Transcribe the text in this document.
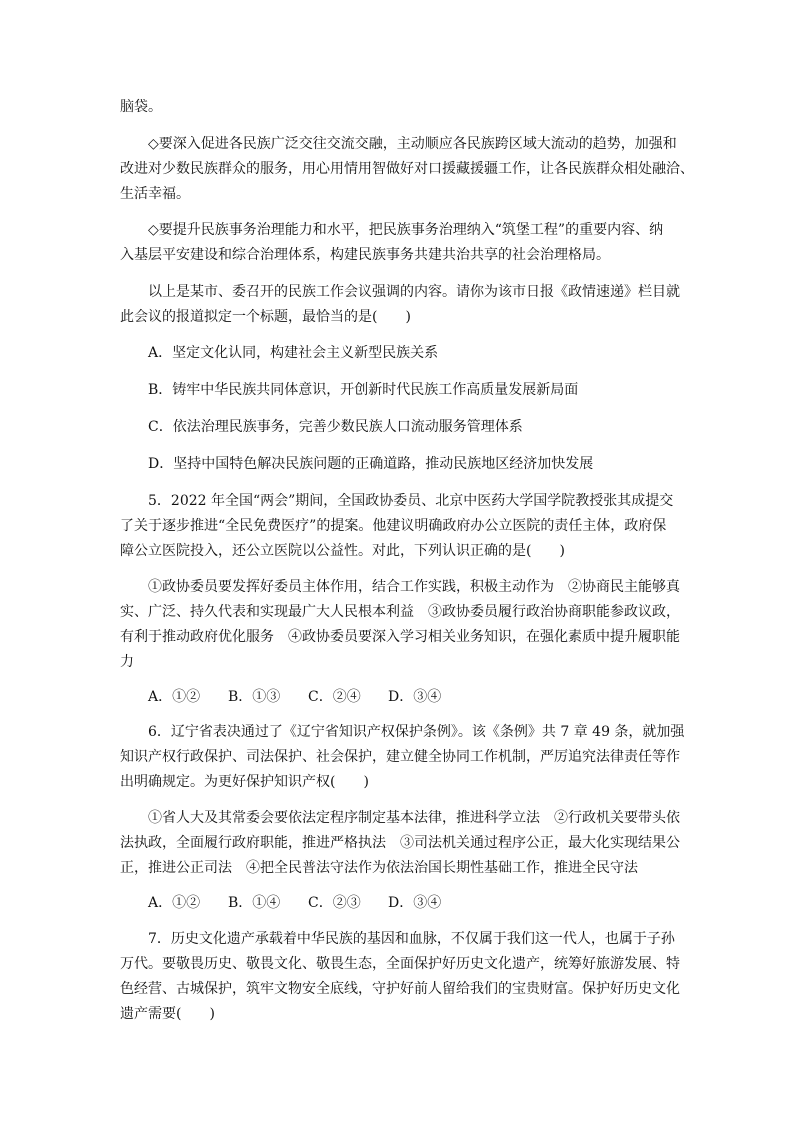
脑袋。
◇要深入促进各民族广泛交往交流交融，主动顺应各民族跨区域大流动的趋势，加强和
改进对少数民族群众的服务，用心用情用智做好对口援藏援疆工作，让各民族群众相处融洽、
生活幸福。
◇要提升民族事务治理能力和水平，把民族事务治理纳入“筑堡工程”的重要内容、纳
入基层平安建设和综合治理体系，构建民族事务共建共治共享的社会治理格局。
以上是某市、委召开的民族工作会议强调的内容。请你为该市日报《政情速递》栏目就
此会议的报道拟定一个标题，最恰当的是(　　)
A．坚定文化认同，构建社会主义新型民族关系
B．铸牢中华民族共同体意识，开创新时代民族工作高质量发展新局面
C．依法治理民族事务，完善少数民族人口流动服务管理体系
D．坚持中国特色解决民族问题的正确道路，推动民族地区经济加快发展
5．2022 年全国“两会”期间，全国政协委员、北京中医药大学国学院教授张其成提交
了关于逐步推进“全民免费医疗”的提案。他建议明确政府办公立医院的责任主体，政府保
障公立医院投入，还公立医院以公益性。对此，下列认识正确的是(　　)
①政协委员要发挥好委员主体作用，结合工作实践，积极主动作为　②协商民主能够真
实、广泛、持久代表和实现最广大人民根本利益　③政协委员履行政治协商职能参政议政，
有利于推动政府优化服务　④政协委员要深入学习相关业务知识，在强化素质中提升履职能
力
A．①② B．①③ C．②④ D．③④
6．辽宁省表决通过了《辽宁省知识产权保护条例》。该《条例》共 7 章 49 条，就加强
知识产权行政保护、司法保护、社会保护，建立健全协同工作机制，严厉追究法律责任等作
出明确规定。为更好保护知识产权(　　)
①省人大及其常委会要依法定程序制定基本法律，推进科学立法　②行政机关要带头依
法执政，全面履行政府职能，推进严格执法　③司法机关通过程序公正，最大化实现结果公
正，推进公正司法　④把全民普法守法作为依法治国长期性基础工作，推进全民守法
A．①② B．①④ C．②③ D．③④
7．历史文化遗产承载着中华民族的基因和血脉，不仅属于我们这一代人，也属于子孙
万代。要敬畏历史、敬畏文化、敬畏生态，全面保护好历史文化遗产，统筹好旅游发展、特
色经营、古城保护，筑牢文物安全底线，守护好前人留给我们的宝贵财富。保护好历史文化
遗产需要(　　)
